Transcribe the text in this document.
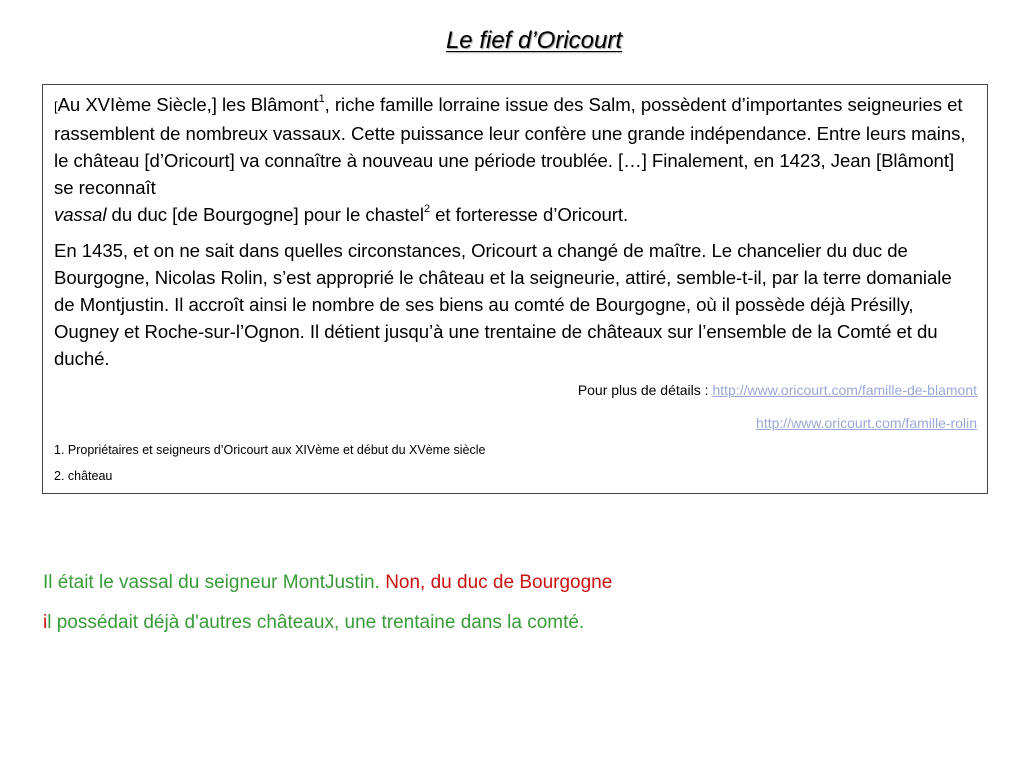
Le fief d’Oricourt

[Au XVIème Siècle,] les Blâmont$^1$, riche famille lorraine issue des Salm, possèdent d’importantes seigneuries et rassemblent de nombreux vassaux. Cette puissance leur confère une grande indépendance. Entre leurs mains, le château [d’Oricourt] va connaître à nouveau une période troublée. […] Finalement, en 1423, Jean [Blâmont] se reconnaît
vassal du duc [de Bourgogne] pour le chastel$^2$ et forteresse d’Oricourt.

En 1435, et on ne sait dans quelles circonstances, Oricourt a changé de maître. Le chancelier du duc de Bourgogne, Nicolas Rolin, s’est approprié le château et la seigneurie, attiré, semble-t-il, par la terre domaniale de Montjustin. Il accroît ainsi le nombre de ses biens au comté de Bourgogne, où il possède déjà Présilly, Ougney et Roche-sur-l’Ognon. Il détient jusqu’à une trentaine de châteaux sur l’ensemble de la Comté et du duché.

Pour plus de détails : http://www.oricourt.com/famille-de-blamont
http://www.oricourt.com/famille-rolin
1. Propriétaires et seigneurs d’Oricourt aux XIVème et début du XVème siècle
2. château
Il était le vassal du seigneur MontJustin. Non, du duc de Bourgogne
il possédait déjà d'autres châteaux, une trentaine dans la comté.
